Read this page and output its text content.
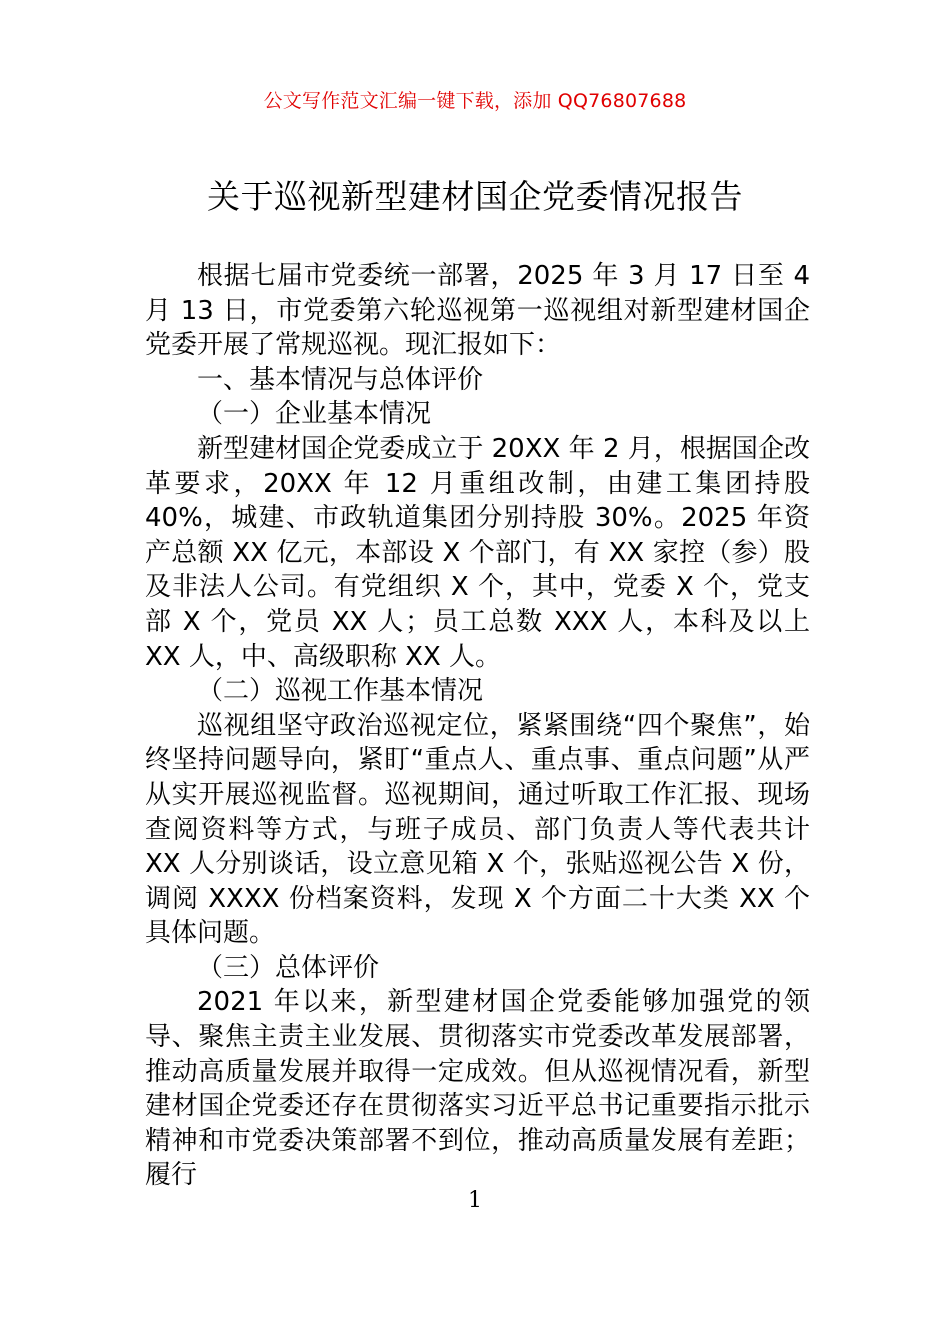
公文写作范文汇编一键下载，添加 QQ76807688
关于巡视新型建材国企党委情况报告

根据七届市党委统一部署，2025 年 3 月 17 日至 4 月 13 日，市党委第六轮巡视第一巡视组对新型建材国企党委开展了常规巡视。现汇报如下：

一、基本情况与总体评价

（一）企业基本情况

新型建材国企党委成立于 20XX 年 2 月，根据国企改革要求，20XX 年 12 月重组改制，由建工集团持股 40%，城建、市政轨道集团分别持股 30%。2025 年资产总额 XX 亿元，本部设 X 个部门，有 XX 家控（参）股及非法人公司。有党组织 X 个，其中，党委 X 个，党支部 X 个，党员 XX 人；员工总数 XXX 人，本科及以上 XX 人，中、高级职称 XX 人。

（二）巡视工作基本情况

巡视组坚守政治巡视定位，紧紧围绕“四个聚焦”，始终坚持问题导向，紧盯“重点人、重点事、重点问题”从严从实开展巡视监督。巡视期间，通过听取工作汇报、现场查阅资料等方式，与班子成员、部门负责人等代表共计 XX 人分别谈话，设立意见箱 X 个，张贴巡视公告 X 份，调阅 XXXX 份档案资料，发现 X 个方面二十大类 XX 个具体问题。

（三）总体评价

2021 年以来，新型建材国企党委能够加强党的领导、聚焦主责主业发展、贯彻落实市党委改革发展部署，推动高质量发展并取得一定成效。但从巡视情况看，新型建材国企党委还存在贯彻落实习近平总书记重要指示批示精神和市党委决策部署不到位，推动高质量发展有差距；履行

1
